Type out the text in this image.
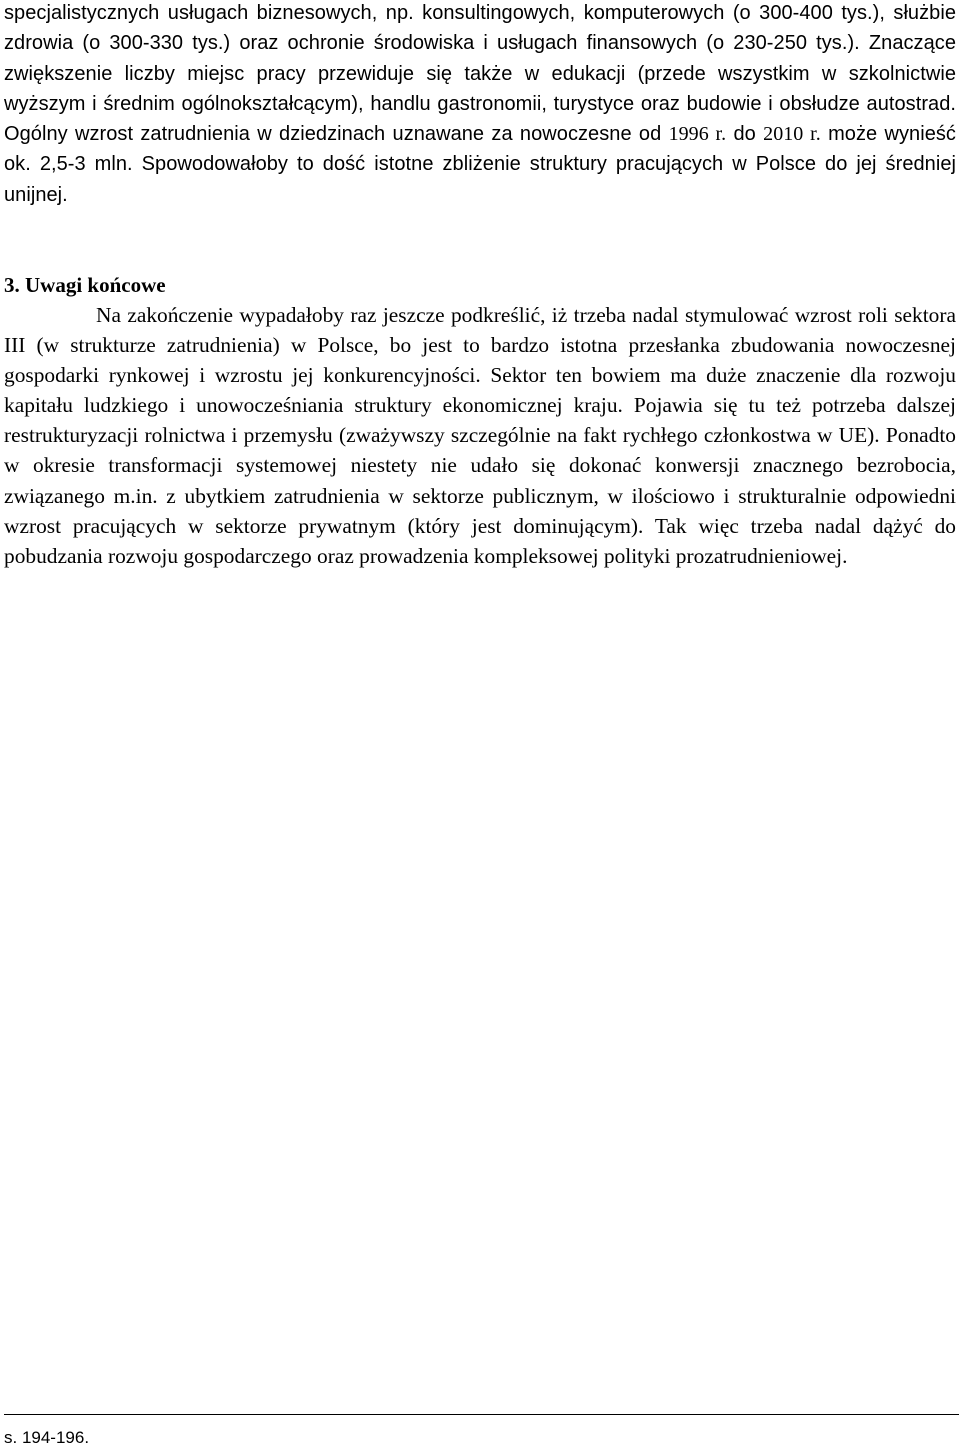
specjalistycznych usługach biznesowych, np. konsultingowych, komputerowych (o 300-400 tys.), służbie zdrowia (o 300-330 tys.) oraz ochronie środowiska i usługach finansowych (o 230-250 tys.). Znaczące zwiększenie liczby miejsc pracy przewiduje się także w edukacji (przede wszystkim w szkolnictwie wyższym i średnim ogólnokształcącym), handlu gastronomii, turystyce oraz budowie i obsłudze autostrad. Ogólny wzrost zatrudnienia w dziedzinach uznawane za nowoczesne od 1996 r. do 2010 r. może wynieść ok. 2,5-3 mln. Spowodowałoby to dość istotne zbliżenie struktury pracujących w Polsce do jej średniej unijnej.

3. Uwagi końcowe

Na zakończenie wypadałoby raz jeszcze podkreślić, iż trzeba nadal stymulować wzrost roli sektora III (w strukturze zatrudnienia) w Polsce, bo jest to bardzo istotna przesłanka zbudowania nowoczesnej gospodarki rynkowej i wzrostu jej konkurencyjności. Sektor ten bowiem ma duże znaczenie dla rozwoju kapitału ludzkiego i unowocześniania struktury ekonomicznej kraju. Pojawia się tu też potrzeba dalszej restrukturyzacji rolnictwa i przemysłu (zważywszy szczególnie na fakt rychłego członkostwa w UE). Ponadto w okresie transformacji systemowej niestety nie udało się dokonać konwersji znacznego bezrobocia, związanego m.in. z ubytkiem zatrudnienia w sektorze publicznym, w ilościowo i strukturalnie odpowiedni wzrost pracujących w sektorze prywatnym (który jest dominującym). Tak więc trzeba nadal dążyć do pobudzania rozwoju gospodarczego oraz prowadzenia kompleksowej polityki prozatrudnieniowej.

s. 194-196.
